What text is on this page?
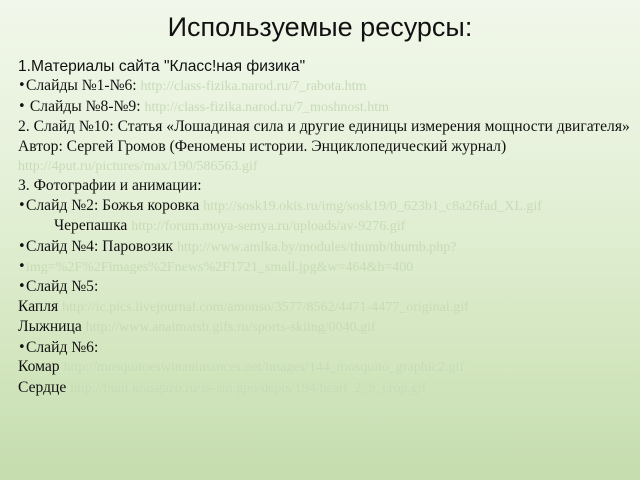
Используемые ресурсы:
1.Материалы сайта "Класс!ная физика"
•Слайды №1-№6: http://class-fizika.narod.ru/7_rabota.htm
• Слайды №8-№9: http://class-fizika.narod.ru/7_moshnost.htm
2. Слайд №10: Статья «Лошадиная сила и другие единицы измерения мощности двигателя» Автор: Сергей Громов (Феномены истории. Энциклопедический журнал) http://4put.ru/pictures/max/190/586563.gif
3. Фотографии и анимации:
•Слайд №2: Божья коровка http://sosk19.okis.ru/img/sosk19/0_623b1_c8a26fad_XL.gif
Черепашка http://forum.moya-semya.ru/uploads/av-9276.gif
•Слайд №4: Паровозик http://www.amlka.by/modules/thumb/thumb.php?
•img=%2F%2Fimages%2Fnews%2F1721_small.jpg&w=464&h=400
•Слайд №5:
Капля http://ic.pics.livejournal.com/amonso/3577/8562/4471-4477_original.gif
Лыжница http://www.anaimatsb.gifs.ru/sports-skiing/0040.gif
•Слайд №6:
Комар http://mosquitoeswinanimances.net/images/144_mosquito_graphic2.gif
Сердце http://buni.krasgazo.ru/ss-sm.gpo/depts/194/heart_2_b_crop.gif
